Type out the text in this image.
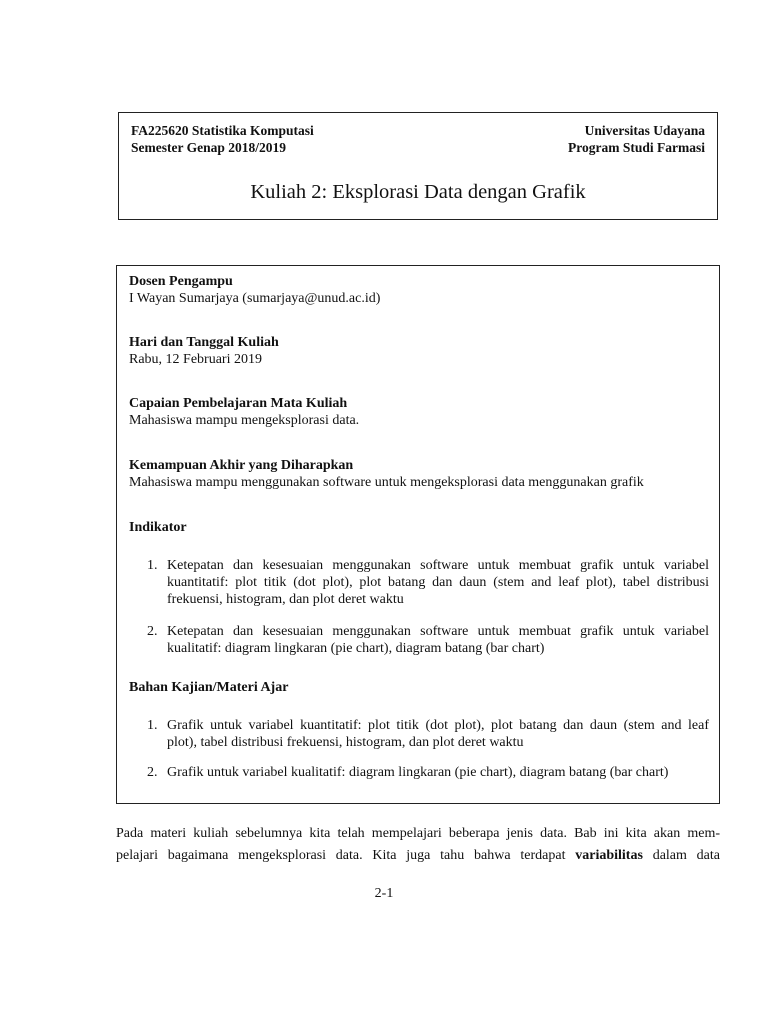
FA225620 Statistika Komputasi	Universitas Udayana
Semester Genap 2018/2019	Program Studi Farmasi
Kuliah 2: Eksplorasi Data dengan Grafik
Dosen Pengampu
I Wayan Sumarjaya (sumarjaya@unud.ac.id)
Hari dan Tanggal Kuliah
Rabu, 12 Februari 2019
Capaian Pembelajaran Mata Kuliah
Mahasiswa mampu mengeksplorasi data.
Kemampuan Akhir yang Diharapkan
Mahasiswa mampu menggunakan software untuk mengeksplorasi data menggunakan grafik
Indikator
1. Ketepatan dan kesesuaian menggunakan software untuk membuat grafik untuk variabel
kuantitatif: plot titik (dot plot), plot batang dan daun (stem and leaf plot), tabel distribusi
frekuensi, histogram, dan plot deret waktu
2. Ketepatan dan kesesuaian menggunakan software untuk membuat grafik untuk variabel
kualitatif: diagram lingkaran (pie chart), diagram batang (bar chart)
Bahan Kajian/Materi Ajar
1. Grafik untuk variabel kuantitatif: plot titik (dot plot), plot batang dan daun (stem and leaf
plot), tabel distribusi frekuensi, histogram, dan plot deret waktu
2. Grafik untuk variabel kualitatif: diagram lingkaran (pie chart), diagram batang (bar chart)
Pada materi kuliah sebelumnya kita telah mempelajari beberapa jenis data. Bab ini kita akan mem-
pelajari bagaimana mengeksplorasi data. Kita juga tahu bahwa terdapat variabilitas dalam data
2-1
